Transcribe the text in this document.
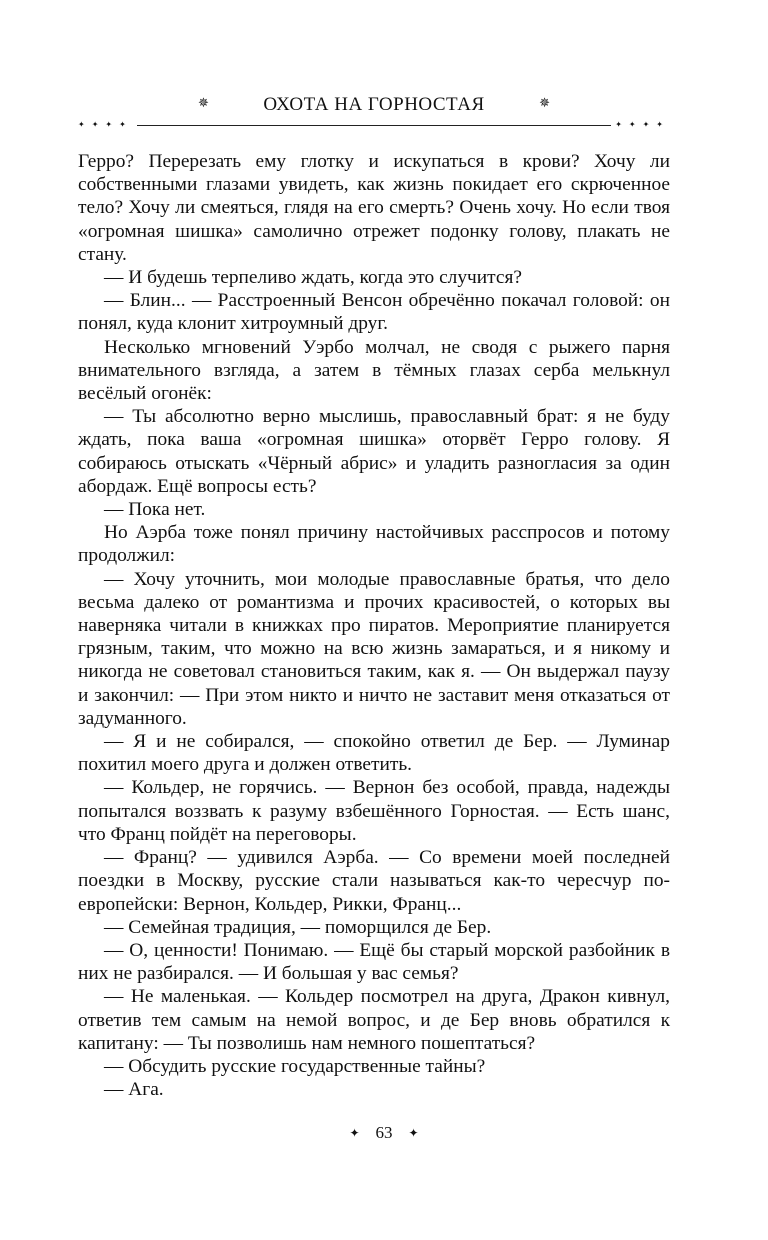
✵	ОХОТА НА ГОРНОСТАЯ	✵
✦✦✦✦	✦✦✦✦

Герро? Перерезать ему глотку и искупаться в крови? Хочу ли собственными глазами увидеть, как жизнь покидает его скрюченное тело? Хочу ли смеяться, глядя на его смерть? Очень хочу. Но если твоя «огромная шишка» самолично отрежет подонку голову, плакать не стану.

— И будешь терпеливо ждать, когда это случится?

— Блин... — Расстроенный Венсон обречённо покачал головой: он понял, куда клонит хитроумный друг.

Несколько мгновений Уэрбо молчал, не сводя с рыжего парня внимательного взгляда, а затем в тёмных глазах серба мелькнул весёлый огонёк:

— Ты абсолютно верно мыслишь, православный брат: я не буду ждать, пока ваша «огромная шишка» оторвёт Герро голову. Я собираюсь отыскать «Чёрный абрис» и уладить разногласия за один абордаж. Ещё вопросы есть?

— Пока нет.

Но Аэрба тоже понял причину настойчивых расспросов и потому продолжил:

— Хочу уточнить, мои молодые православные братья, что дело весьма далеко от романтизма и прочих красивостей, о которых вы наверняка читали в книжках про пиратов. Мероприятие планируется грязным, таким, что можно на всю жизнь замараться, и я никому и никогда не советовал становиться таким, как я. — Он выдержал паузу и закончил: — При этом никто и ничто не заставит меня отказаться от задуманного.

— Я и не собирался, — спокойно ответил де Бер. — Луминар похитил моего друга и должен ответить.

— Кольдер, не горячись. — Вернон без особой, правда, надежды попытался воззвать к разуму взбешённого Горностая. — Есть шанс, что Франц пойдёт на переговоры.

— Франц? — удивился Аэрба. — Со времени моей последней поездки в Москву, русские стали называться как-то чересчур по-европейски: Вернон, Кольдер, Рикки, Франц...

— Семейная традиция, — поморщился де Бер.

— О, ценности! Понимаю. — Ещё бы старый морской разбойник в них не разбирался. — И большая у вас семья?

— Не маленькая. — Кольдер посмотрел на друга, Дракон кивнул, ответив тем самым на немой вопрос, и де Бер вновь обратился к капитану: — Ты позволишь нам немного пошептаться?

— Обсудить русские государственные тайны?

— Ага.

✦ 63 ✦
